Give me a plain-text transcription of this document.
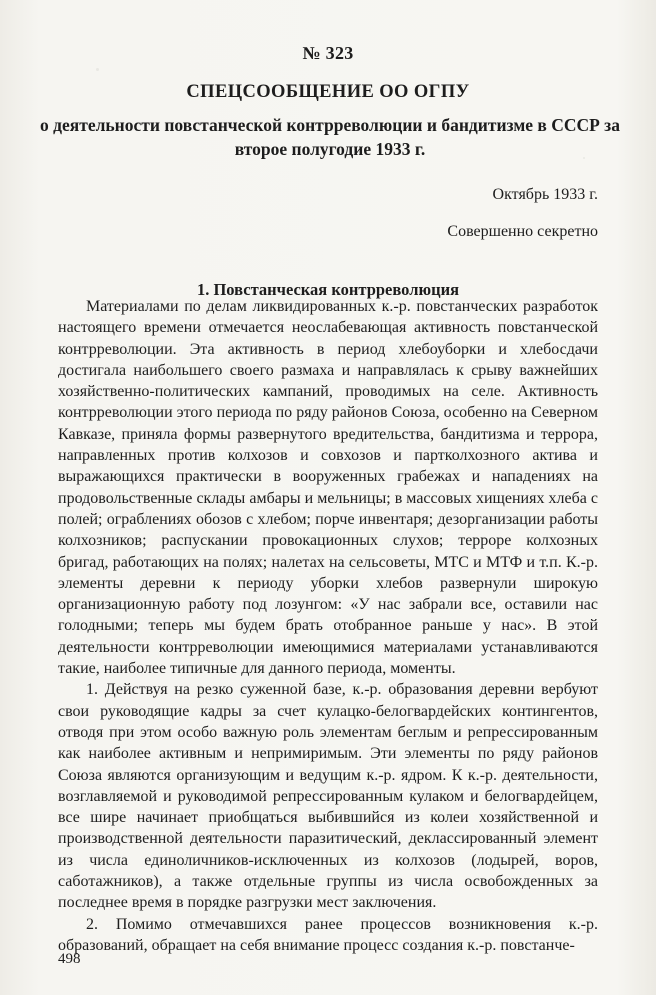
№ 323
СПЕЦСООБЩЕНИЕ ОО ОГПУ
о деятельности повстанческой контрреволюции и бандитизме в СССР за второе полугодие 1933 г.
Октябрь 1933 г.
Совершенно секретно
1. Повстанческая контрреволюция

Материалами по делам ликвидированных к.-р. повстанческих разработок настоящего времени отмечается неослабевающая активность повстанческой контрреволюции. Эта активность в период хлебоуборки и хлебосдачи достигала наибольшего своего размаха и направлялась к срыву важнейших хозяйственно-политических кампаний, проводимых на селе. Активность контрреволюции этого периода по ряду районов Союза, особенно на Северном Кавказе, приняла формы развернутого вредительства, бандитизма и террора, направленных против колхозов и совхозов и партколхозного актива и выражающихся практически в вооруженных грабежах и нападениях на продовольственные склады амбары и мельницы; в массовых хищениях хлеба с полей; ограблениях обозов с хлебом; порче инвентаря; дезорганизации работы колхозников; распускании провокационных слухов; терроре колхозных бригад, работающих на полях; налетах на сельсоветы, МТС и МТФ и т.п. К.-р. элементы деревни к периоду уборки хлебов развернули широкую организационную работу под лозунгом: «У нас забрали все, оставили нас голодными; теперь мы будем брать отобранное раньше у нас». В этой деятельности контрреволюции имеющимися материалами устанавливаются такие, наиболее типичные для данного периода, моменты.

1. Действуя на резко суженной базе, к.-р. образования деревни вербуют свои руководящие кадры за счет кулацко-белогвардейских контингентов, отводя при этом особо важную роль элементам беглым и репрессированным как наиболее активным и непримиримым. Эти элементы по ряду районов Союза являются организующим и ведущим к.-р. ядром. К к.-р. деятельности, возглавляемой и руководимой репрессированным кулаком и белогвардейцем, все шире начинает приобщаться выбившийся из колеи хозяйственной и производственной деятельности паразитический, деклассированный элемент из числа единоличников-исключенных из колхозов (лодырей, воров, саботажников), а также отдельные группы из числа освобожденных за последнее время в порядке разгрузки мест заключения.

2. Помимо отмечавшихся ранее процессов возникновения к.-р. образований, обращает на себя внимание процесс создания к.-р. повстанче-

498
